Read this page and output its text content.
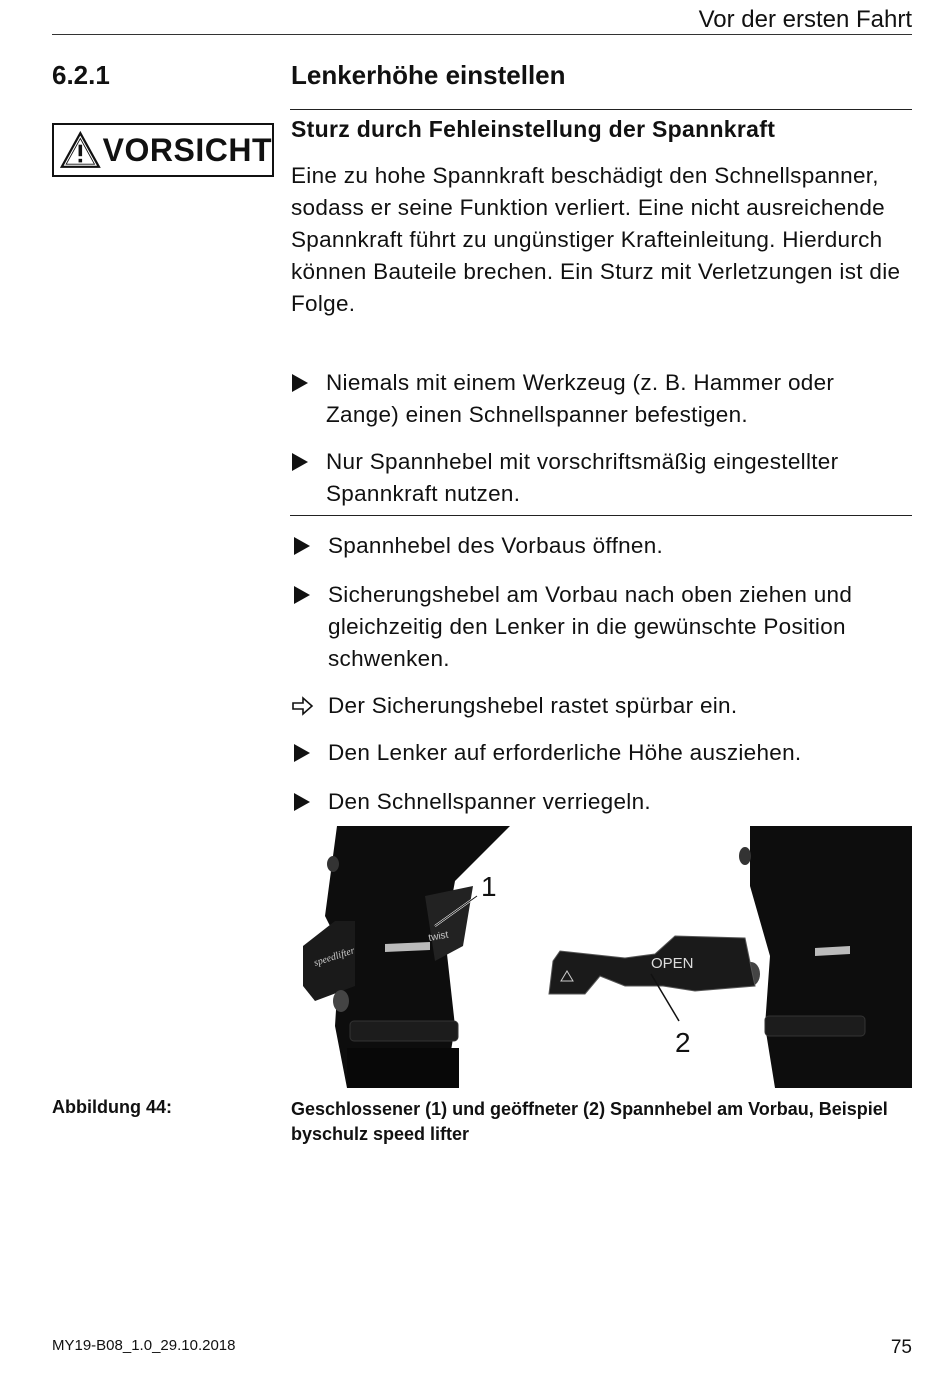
Vor der ersten Fahrt
6.2.1	Lenkerhöhe einstellen
VORSICHT
Sturz durch Fehleinstellung der Spannkraft
Eine zu hohe Spannkraft beschädigt den Schnellspanner, sodass er seine Funktion verliert. Eine nicht ausreichende Spannkraft führt zu ungünstiger Krafteinleitung. Hierdurch können Bauteile brechen. Ein Sturz mit Verletzungen ist die Folge.
Niemals mit einem Werkzeug (z. B. Hammer oder Zange) einen Schnellspanner befestigen.
Nur Spannhebel mit vorschriftsmäßig eingestellter Spannkraft nutzen.
Spannhebel des Vorbaus öffnen.
Sicherungshebel am Vorbau nach oben ziehen und gleichzeitig den Lenker in die gewünschte Position schwenken.
Der Sicherungshebel rastet spürbar ein.
Den Lenker auf erforderliche Höhe ausziehen.
Den Schnellspanner verriegeln.
speedlifter
twist
1
OPEN
2
Abbildung 44:	Geschlossener (1) und geöffneter (2) Spannhebel am Vorbau, Beispiel byschulz speed lifter
MY19-B08_1.0_29.10.2018	75
